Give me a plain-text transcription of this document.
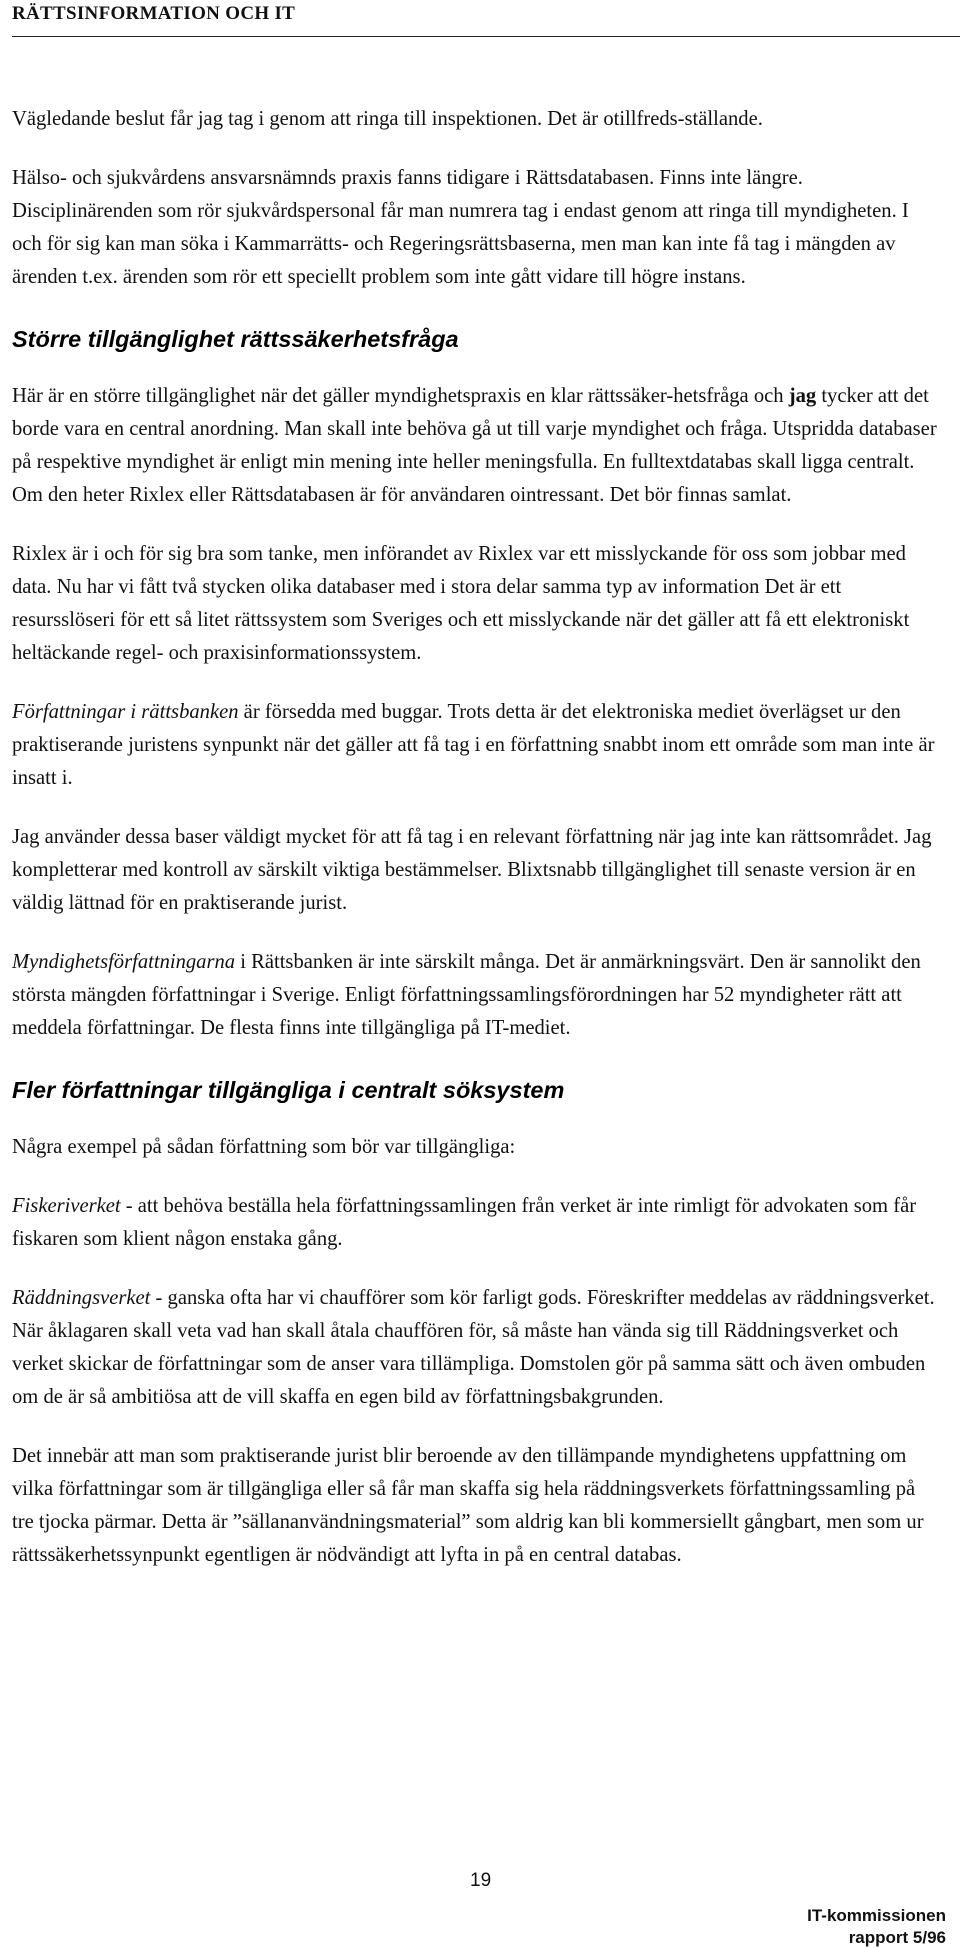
RÄTTSINFORMATION OCH IT

Vägledande beslut får jag tag i genom att ringa till inspektionen. Det är otillfreds-ställande.

Hälso- och sjukvårdens ansvarsnämnds praxis fanns tidigare i Rättsdatabasen. Finns inte längre. Disciplinärenden som rör sjukvårdspersonal får man numrera tag i endast genom att ringa till myndigheten. I och för sig kan man söka i Kammarrätts- och Regeringsrättsbaserna, men man kan inte få tag i mängden av ärenden t.ex. ärenden som rör ett speciellt problem som inte gått vidare till högre instans.

Större tillgänglighet rättssäkerhetsfråga

Här är en större tillgänglighet när det gäller myndighetspraxis en klar rättssäker-hetsfråga och jag tycker att det borde vara en central anordning. Man skall inte behöva gå ut till varje myndighet och fråga. Utspridda databaser på respektive myndighet är enligt min mening inte heller meningsfulla. En fulltextdatabas skall ligga centralt. Om den heter Rixlex eller Rättsdatabasen är för användaren ointressant. Det bör finnas samlat.

Rixlex är i och för sig bra som tanke, men införandet av Rixlex var ett misslyckande för oss som jobbar med data. Nu har vi fått två stycken olika databaser med i stora delar samma typ av information Det är ett resursslöseri för ett så litet rättssystem som Sveriges och ett misslyckande när det gäller att få ett elektroniskt heltäckande regel- och praxisinformationssystem.

Författningar i rättsbanken är försedda med buggar. Trots detta är det elektroniska mediet överlägset ur den praktiserande juristens synpunkt när det gäller att få tag i en författning snabbt inom ett område som man inte är insatt i.

Jag använder dessa baser väldigt mycket för att få tag i en relevant författning när jag inte kan rättsområdet. Jag kompletterar med kontroll av särskilt viktiga bestämmelser. Blixtsnabb tillgänglighet till senaste version är en väldig lättnad för en praktiserande jurist.

Myndighetsförfattningarna i Rättsbanken är inte särskilt många. Det är anmärkningsvärt. Den är sannolikt den största mängden författningar i Sverige. Enligt författningssamlingsförordningen har 52 myndigheter rätt att meddela författningar. De flesta finns inte tillgängliga på IT-mediet.

Fler författningar tillgängliga i centralt söksystem

Några exempel på sådan författning som bör var tillgängliga:

Fiskeriverket - att behöva beställa hela författningssamlingen från verket är inte rimligt för advokaten som får fiskaren som klient någon enstaka gång.

Räddningsverket - ganska ofta har vi chaufförer som kör farligt gods. Föreskrifter meddelas av räddningsverket. När åklagaren skall veta vad han skall åtala chauffören för, så måste han vända sig till Räddningsverket och verket skickar de författningar som de anser vara tillämpliga. Domstolen gör på samma sätt och även ombuden om de är så ambitiösa att de vill skaffa en egen bild av författningsbakgrunden.

Det innebär att man som praktiserande jurist blir beroende av den tillämpande myndighetens uppfattning om vilka författningar som är tillgängliga eller så får man skaffa sig hela räddningsverkets författningssamling på tre tjocka pärmar. Detta är ”sällananvändningsmaterial” som aldrig kan bli kommersiellt gångbart, men som ur rättssäkerhetssynpunkt egentligen är nödvändigt att lyfta in på en central databas.

19
IT-kommissionen
rapport 5/96
